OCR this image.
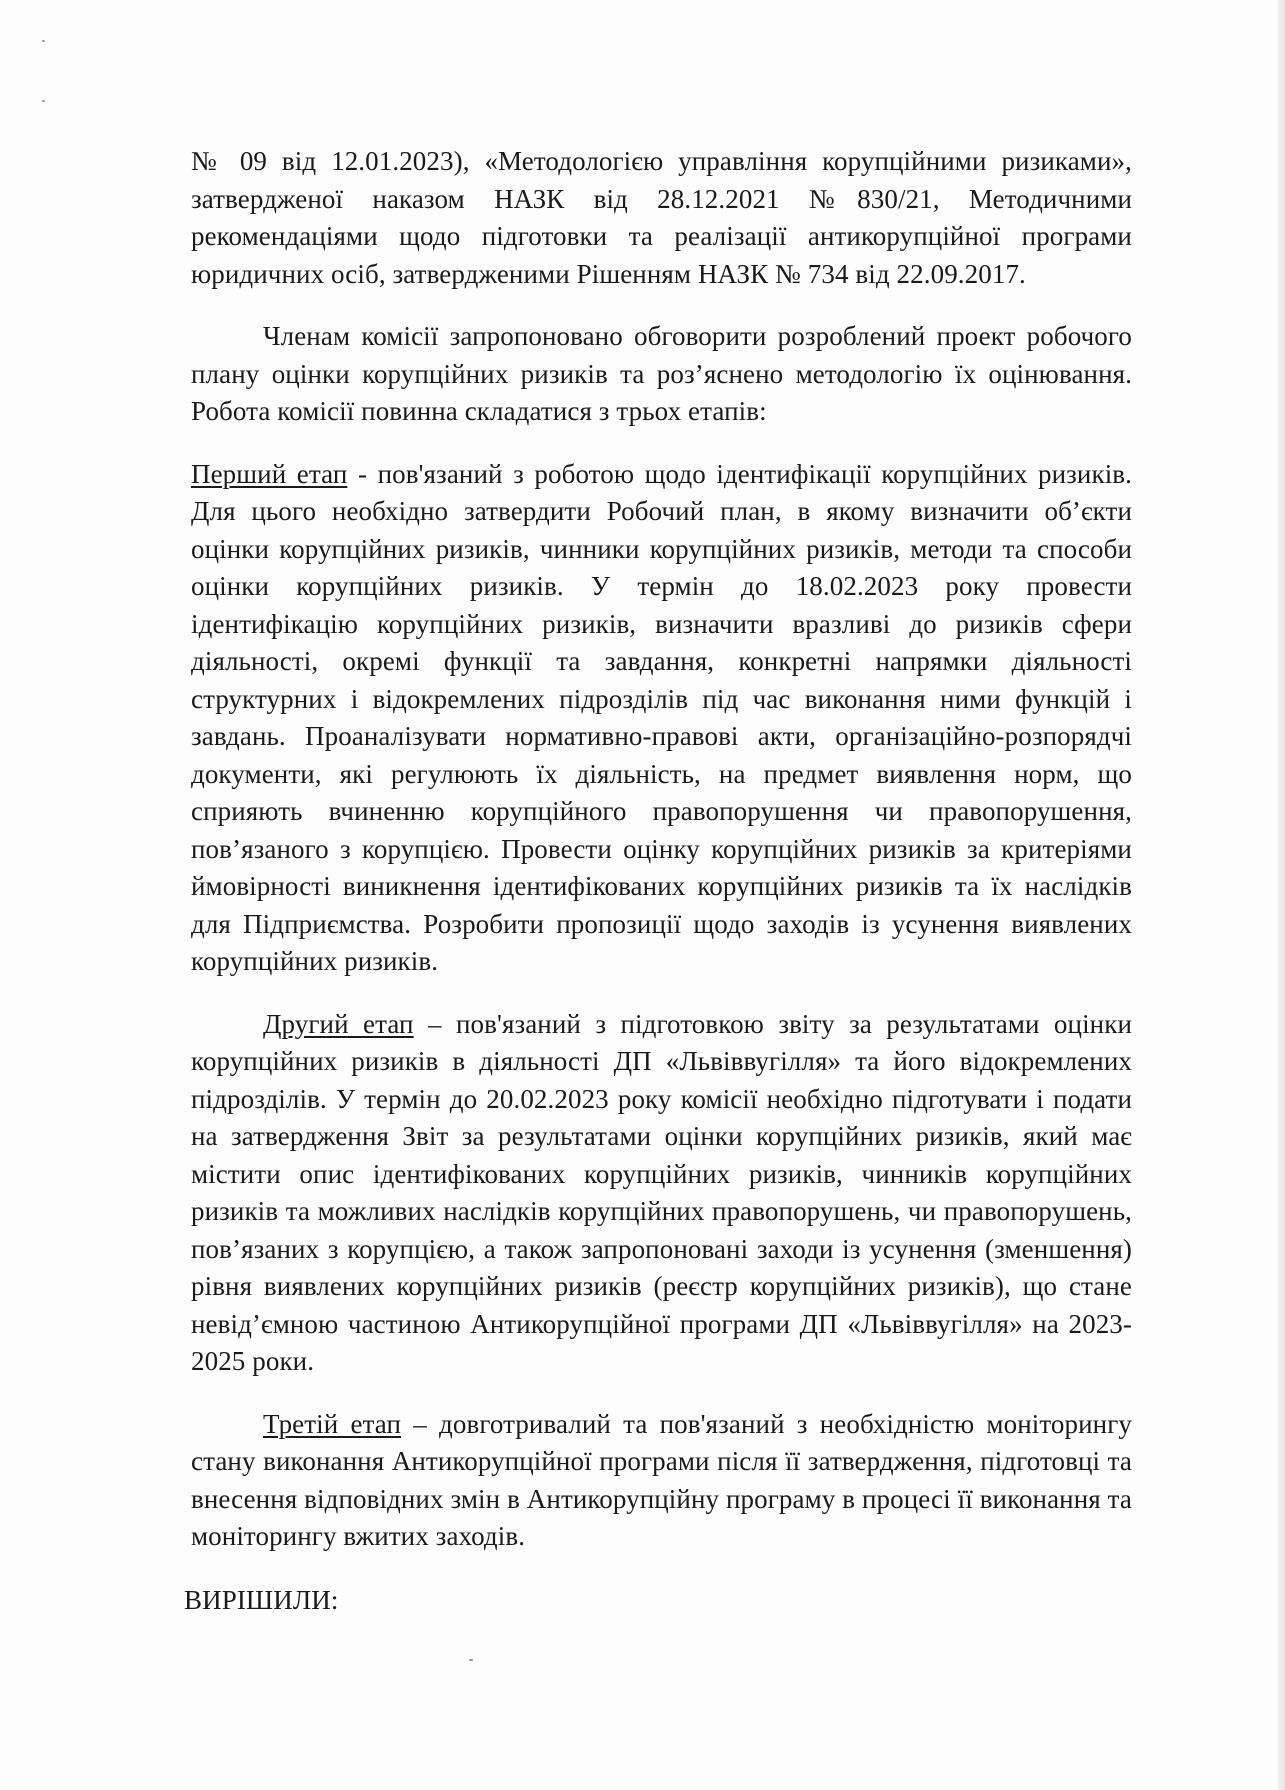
№ 09 від 12.01.2023), «Методологією управління корупційними ризиками», затвердженої наказом НАЗК від 28.12.2021 №830/21, Методичними рекомендаціями щодо підготовки та реалізації антикорупційної програми юридичних осіб, затвердженими Рішенням НАЗК № 734 від 22.09.2017.

Членам комісії запропоновано обговорити розроблений проект робочого плану оцінки корупційних ризиків та роз’яснено методологію їх оцінювання. Робота комісії повинна складатися з трьох етапів:

Перший етап - пов'язаний з роботою щодо ідентифікації корупційних ризиків. Для цього необхідно затвердити Робочий план, в якому визначити об’єкти оцінки корупційних ризиків, чинники корупційних ризиків, методи та способи оцінки корупційних ризиків. У термін до 18.02.2023 року провести ідентифікацію корупційних ризиків, визначити вразливі до ризиків сфери діяльності, окремі функції та завдання, конкретні напрямки діяльності структурних і відокремлених підрозділів під час виконання ними функцій і завдань. Проаналізувати нормативно-правові акти, організаційно-розпорядчі документи, які регулюють їх діяльність, на предмет виявлення норм, що сприяють вчиненню корупційного правопорушення чи правопорушення, пов’язаного з корупцією. Провести оцінку корупційних ризиків за критеріями ймовірності виникнення ідентифікованих корупційних ризиків та їх наслідків для Підприємства. Розробити пропозиції щодо заходів із усунення виявлених корупційних ризиків.

Другий етап – пов'язаний з підготовкою звіту за результатами оцінки корупційних ризиків в діяльності ДП «Львіввугілля» та його відокремлених підрозділів. У термін до 20.02.2023 року комісії необхідно підготувати і подати на затвердження Звіт за результатами оцінки корупційних ризиків, який має містити опис ідентифікованих корупційних ризиків, чинників корупційних ризиків та можливих наслідків корупційних правопорушень, чи правопорушень, пов’язаних з корупцією, а також запропоновані заходи із усунення (зменшення) рівня виявлених корупційних ризиків (реєстр корупційних ризиків), що стане невід’ємною частиною Антикорупційної програми ДП «Львіввугілля» на 2023-2025 роки.

Третій етап – довготривалий та пов'язаний з необхідністю моніторингу стану виконання Антикорупційної програми після її затвердження, підготовці та внесення відповідних змін в Антикорупційну програму в процесі її виконання та моніторингу вжитих заходів.

ВИРІШИЛИ:
